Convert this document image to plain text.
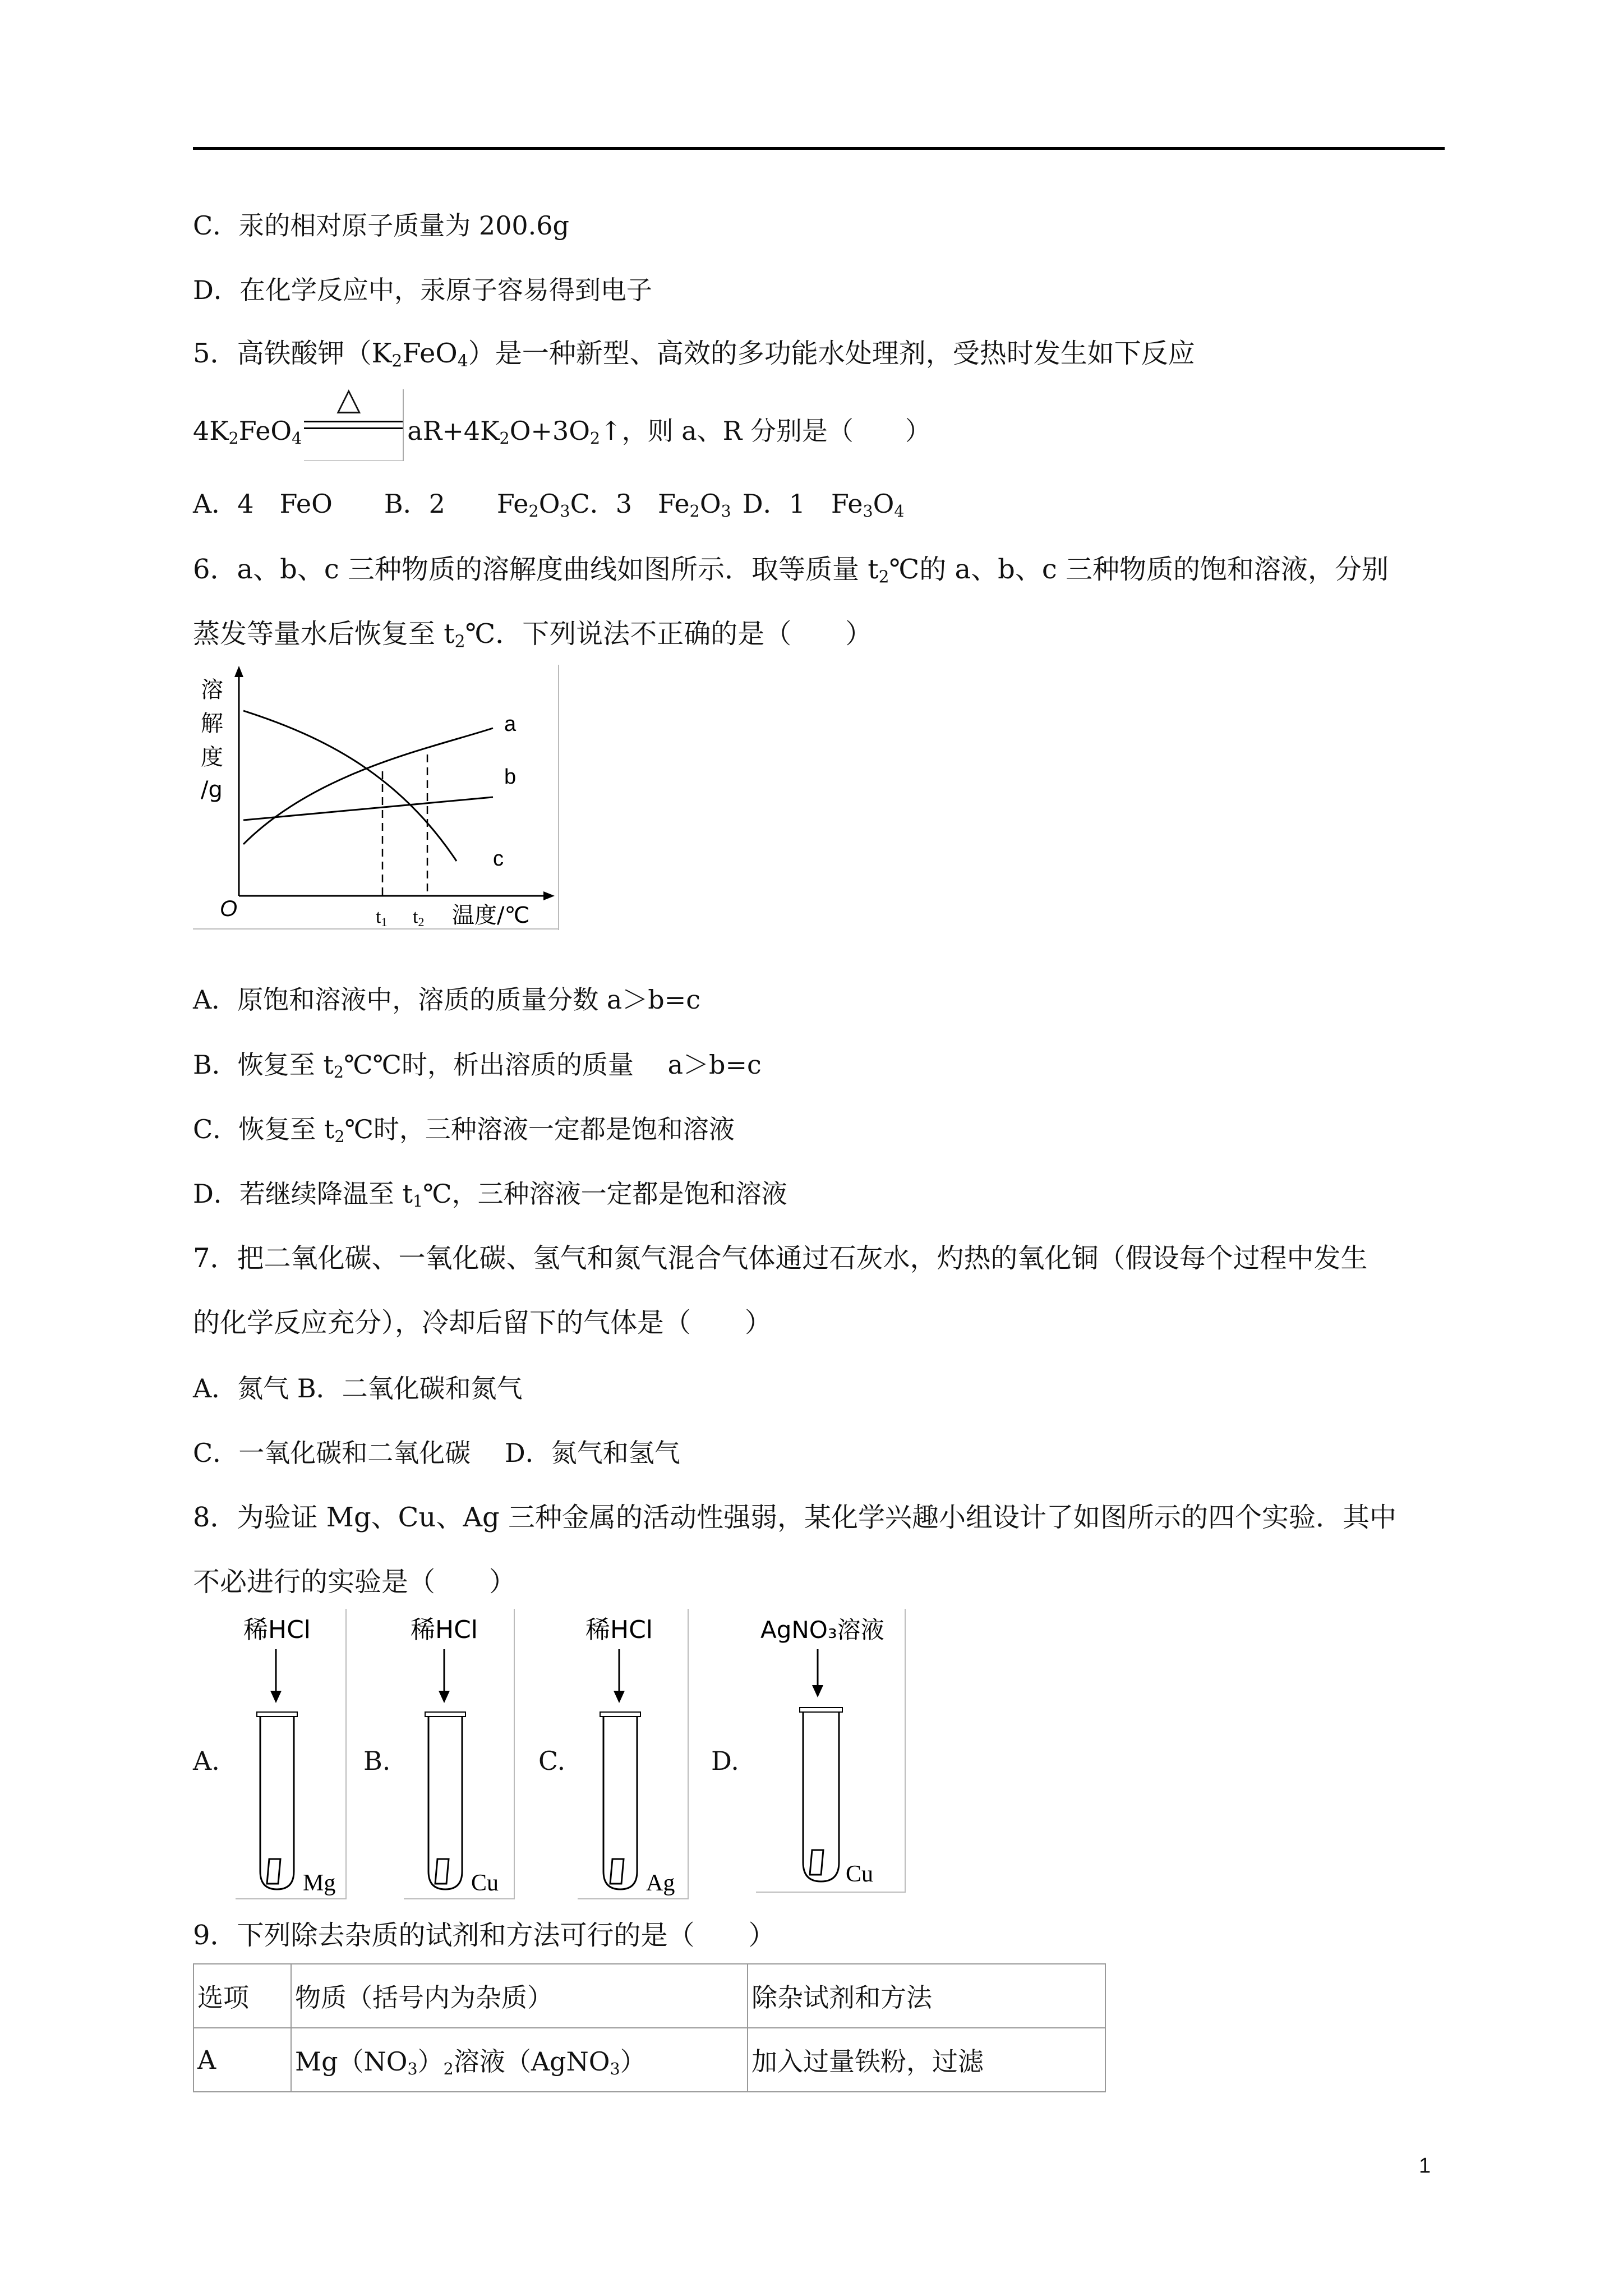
C．汞的相对原子质量为 200.6g
D．在化学反应中，汞原子容易得到电子
5．高铁酸钾$(K_2FeO_4)$是一种新型、高效的多功能水处理剂，受热时发生如下反应
$4K_2FeO_4$
△
$aR+4K_2O+3O_2↑$，则 a、R 分别是（　　）
A．4　FeO　　B．2　　$Fe_2O_3C$．3　$Fe_2O_3$ D．1　$Fe_3O_4$
6．a、b、c 三种物质的溶解度曲线如图所示．取等质量 $t_2℃$的 a、b、c 三种物质的饱和溶液，分别
蒸发等量水后恢复至 $t_2℃$．下列说法不正确的是（　　）
溶
解
度
/g
a
b
c
O	t1 t2 温度/℃
A．原饱和溶液中，溶质的质量分数 a＞b=c
B．恢复至 $t_2℃℃$时，析出溶质的质量　 a＞b=c
C．恢复至 $t_2℃$时，三种溶液一定都是饱和溶液
D．若继续降温至 $t_1℃$，三种溶液一定都是饱和溶液
7．把二氧化碳、一氧化碳、氢气和氮气混合气体通过石灰水，灼热的氧化铜（假设每个过程中发生
的化学反应充分），冷却后留下的气体是（　　）
A．氮气 B．二氧化碳和氮气
C．一氧化碳和二氧化碳　 D．氮气和氢气
8．为验证 Mg、Cu、Ag 三种金属的活动性强弱，某化学兴趣小组设计了如图所示的四个实验．其中
不必进行的实验是（　　）
A.
稀HCl
Mg
B.
稀HCl
Cu
C.
稀HCl
Ag
D.
AgNO₃溶液
Cu
9．下列除去杂质的试剂和方法可行的是（　　）
选项	物质（括号内为杂质）	除杂试剂和方法
A	$Mg(NO_3)_2$溶液（AgNO$_3$）	加入过量铁粉，过滤
1
